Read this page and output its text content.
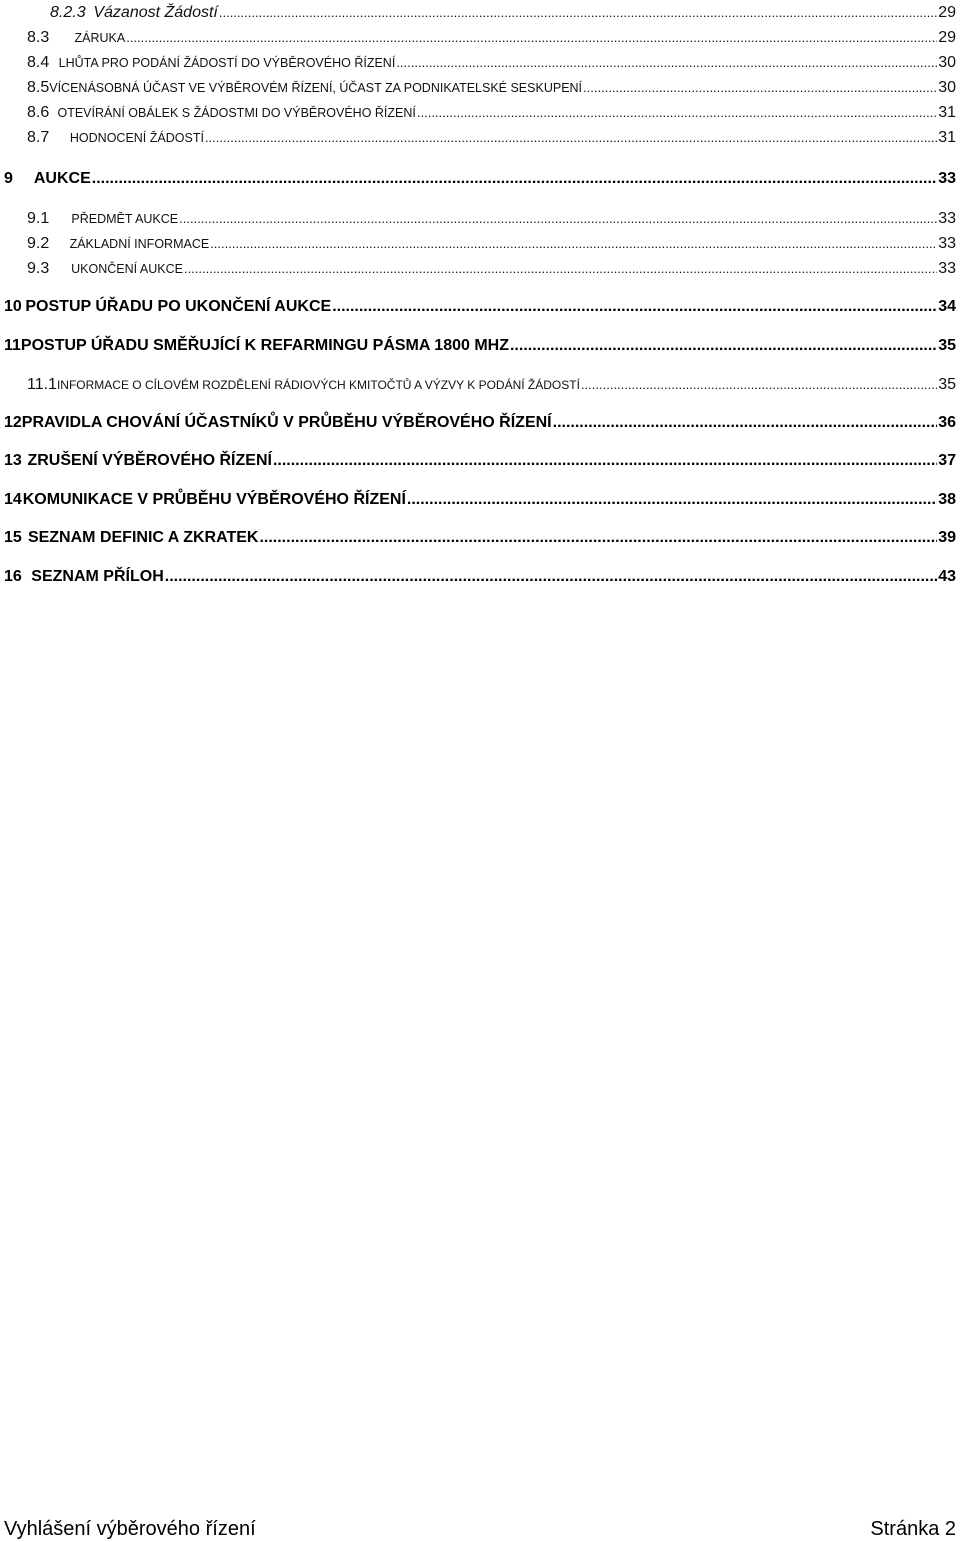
8.2.3 Vázanost Žádostí .....	29
8.3	ZÁRUKA .....	29
8.4 LHŮTA PRO PODÁNÍ ŽÁDOSTÍ DO VÝBĚROVÉHO ŘÍZENÍ .....	30
8.5 VÍCENÁSOBNÁ ÚČAST VE VÝBĚROVÉM ŘÍZENÍ, ÚČAST ZA PODNIKATELSKÉ SESKUPENÍ .....	30
8.6 OTEVÍRÁNÍ OBÁLEK S ŽÁDOSTMI DO VÝBĚROVÉHO ŘÍZENÍ .....	31
8.7	HODNOCENÍ ŽÁDOSTÍ .....	31
9	AUKCE .....	33
9.1	PŘEDMĚT AUKCE .....	33
9.2	ZÁKLADNÍ INFORMACE .....	33
9.3	UKONČENÍ AUKCE .....	33
10 POSTUP ÚŘADU PO UKONČENÍ AUKCE .....	34
11 POSTUP ÚŘADU SMĚŘUJÍCÍ K REFARMINGU PÁSMA 1800 MHZ .....	35
11.1 INFORMACE O CÍLOVÉM ROZDĚLENÍ RÁDIOVÝCH KMITOČTŮ A VÝZVY K PODÁNÍ ŽÁDOSTÍ .....	35
12 PRAVIDLA CHOVÁNÍ ÚČASTNÍKŮ V PRŮBĚHU VÝBĚROVÉHO ŘÍZENÍ .....	36
13 ZRUŠENÍ VÝBĚROVÉHO ŘÍZENÍ .....	37
14 KOMUNIKACE V PRŮBĚHU VÝBĚROVÉHO ŘÍZENÍ .....	38
15 SEZNAM DEFINIC A ZKRATEK .....	39
16 SEZNAM PŘÍLOH .....	43
Vyhlášení výběrového řízení	Stránka 2
